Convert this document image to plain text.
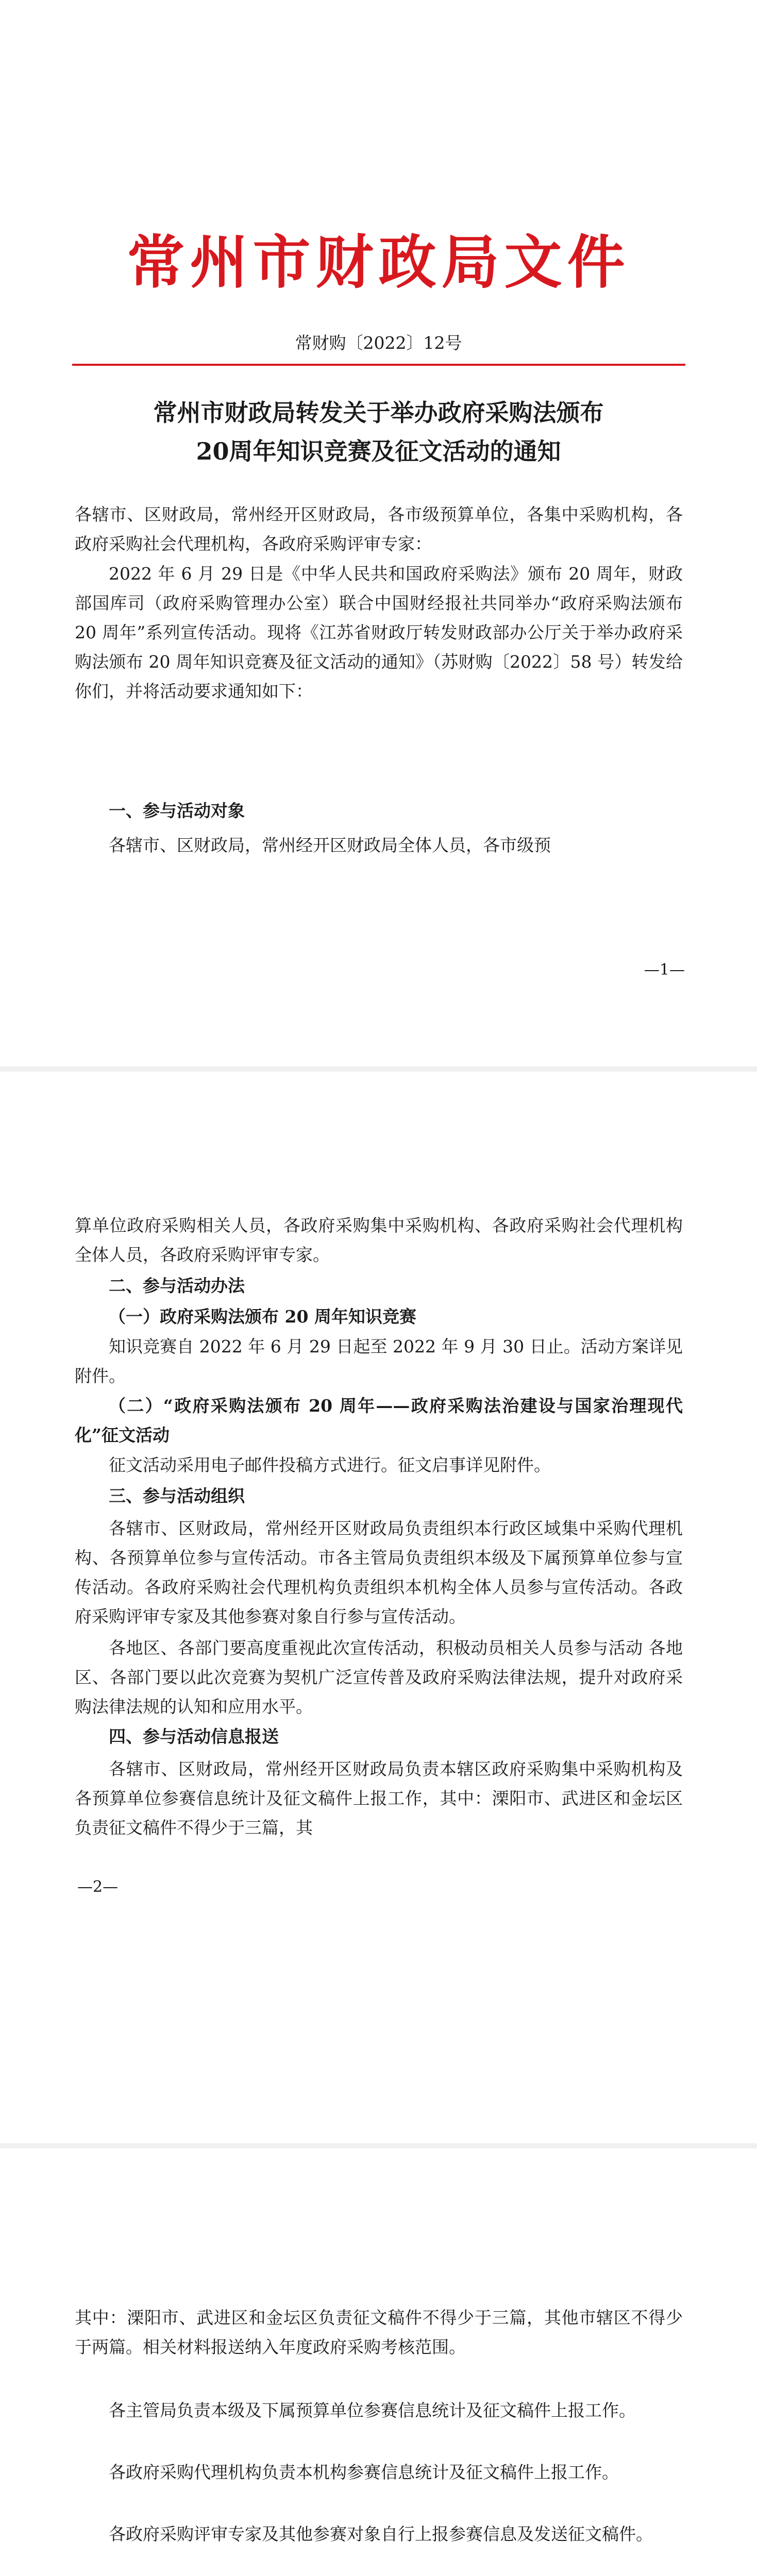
常州市财政局文件
常财购〔2022〕12号
常州市财政局转发关于举办政府采购法颁布
20周年知识竞赛及征文活动的通知

各辖市、区财政局，常州经开区财政局，各市级预算单位，各集中采购机构，各政府采购社会代理机构，各政府采购评审专家：

2022 年 6 月 29 日是《中华人民共和国政府采购法》颁布 20 周年，财政部国库司（政府采购管理办公室）联合中国财经报社共同举办“政府采购法颁布 20 周年”系列宣传活动。现将《江苏省财政厅转发财政部办公厅关于举办政府采购法颁布 20 周年知识竞赛及征文活动的通知》（苏财购〔2022〕58 号）转发给你们，并将活动要求通知如下：

一、参与活动对象

各辖市、区财政局，常州经开区财政局全体人员，各市级预

—1—

算单位政府采购相关人员，各政府采购集中采购机构、各政府采购社会代理机构全体人员，各政府采购评审专家。

二、参与活动办法
（一）政府采购法颁布 20 周年知识竞赛

知识竞赛自 2022 年 6 月 29 日起至 2022 年 9 月 30 日止。活动方案详见附件。

（二）“政府采购法颁布 20 周年——政府采购法治建设与国家治理现代化”征文活动

征文活动采用电子邮件投稿方式进行。征文启事详见附件。

三、参与活动组织

各辖市、区财政局，常州经开区财政局负责组织本行政区域集中采购代理机构、各预算单位参与宣传活动。市各主管局负责组织本级及下属预算单位参与宣传活动。各政府采购社会代理机构负责组织本机构全体人员参与宣传活动。各政府采购评审专家及其他参赛对象自行参与宣传活动。

各地区、各部门要高度重视此次宣传活动，积极动员相关人员参与活动 各地区、各部门要以此次竞赛为契机广泛宣传普及政府采购法律法规，提升对政府采购法律法规的认知和应用水平。

四、参与活动信息报送

各辖市、区财政局，常州经开区财政局负责本辖区政府采购集中采购机构及各预算单位参赛信息统计及征文稿件上报工作，其中：溧阳市、武进区和金坛区负责征文稿件不得少于三篇，其

—2—

其中：溧阳市、武进区和金坛区负责征文稿件不得少于三篇，其他市辖区不得少于两篇。相关材料报送纳入年度政府采购考核范围。

各主管局负责本级及下属预算单位参赛信息统计及征文稿件上报工作。

各政府采购代理机构负责本机构参赛信息统计及征文稿件上报工作。

各政府采购评审专家及其他参赛对象自行上报参赛信息及发送征文稿件。
